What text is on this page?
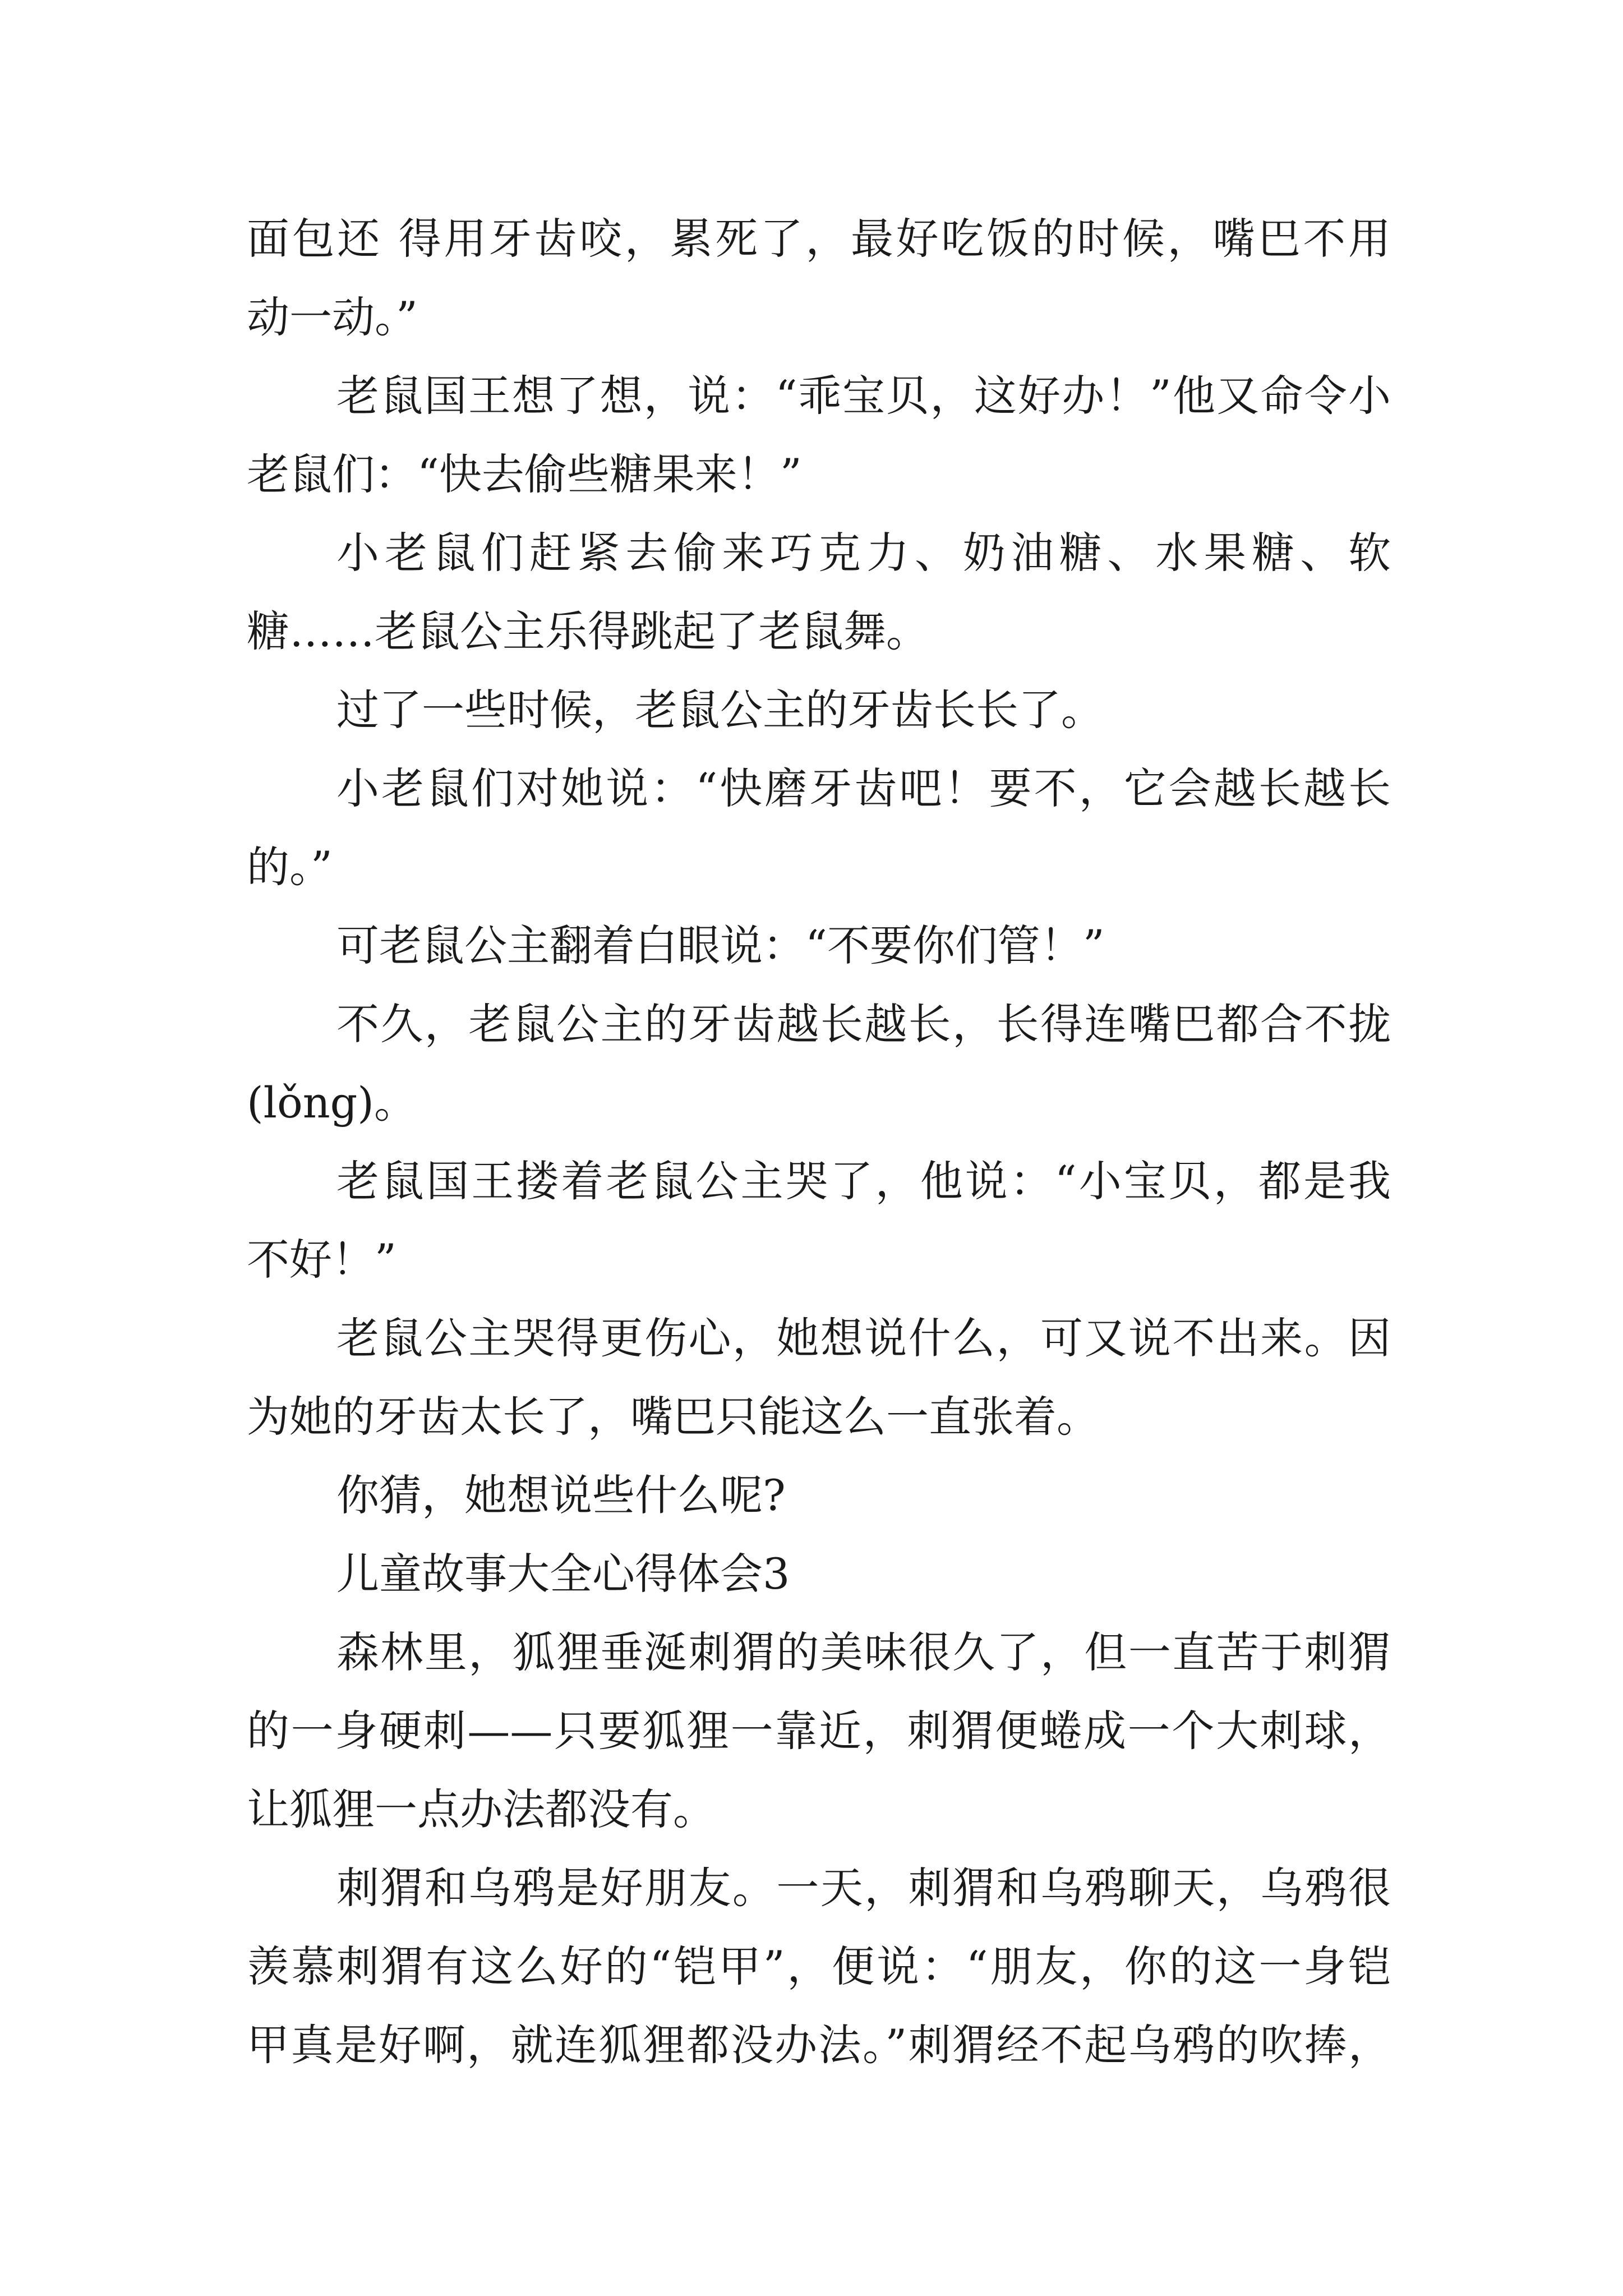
面包还 得用牙齿咬，累死了，最好吃饭的时候，嘴巴不用
动一动。”
老鼠国王想了想，说：“乖宝贝，这好办！”他又命令小
老鼠们：“快去偷些糖果来！”
小老鼠们赶紧去偷来巧克力、奶油糖、水果糖、软
糖……老鼠公主乐得跳起了老鼠舞。
过了一些时候，老鼠公主的牙齿长长了。
小老鼠们对她说：“快磨牙齿吧！要不，它会越长越长
的。”
可老鼠公主翻着白眼说：“不要你们管！”
不久，老鼠公主的牙齿越长越长，长得连嘴巴都合不拢
(lǒng)。
老鼠国王搂着老鼠公主哭了，他说：“小宝贝，都是我
不好！”
老鼠公主哭得更伤心，她想说什么，可又说不出来。因
为她的牙齿太长了，嘴巴只能这么一直张着。
你猜，她想说些什么呢?
儿童故事大全心得体会3
森林里，狐狸垂涎刺猬的美味很久了，但一直苦于刺猬
的一身硬刺——只要狐狸一靠近，刺猬便蜷成一个大刺球，
让狐狸一点办法都没有。
刺猬和乌鸦是好朋友。一天，刺猬和乌鸦聊天，乌鸦很
羡慕刺猬有这么好的“铠甲”，便说：“朋友，你的这一身铠
甲真是好啊，就连狐狸都没办法。”刺猬经不起乌鸦的吹捧，
